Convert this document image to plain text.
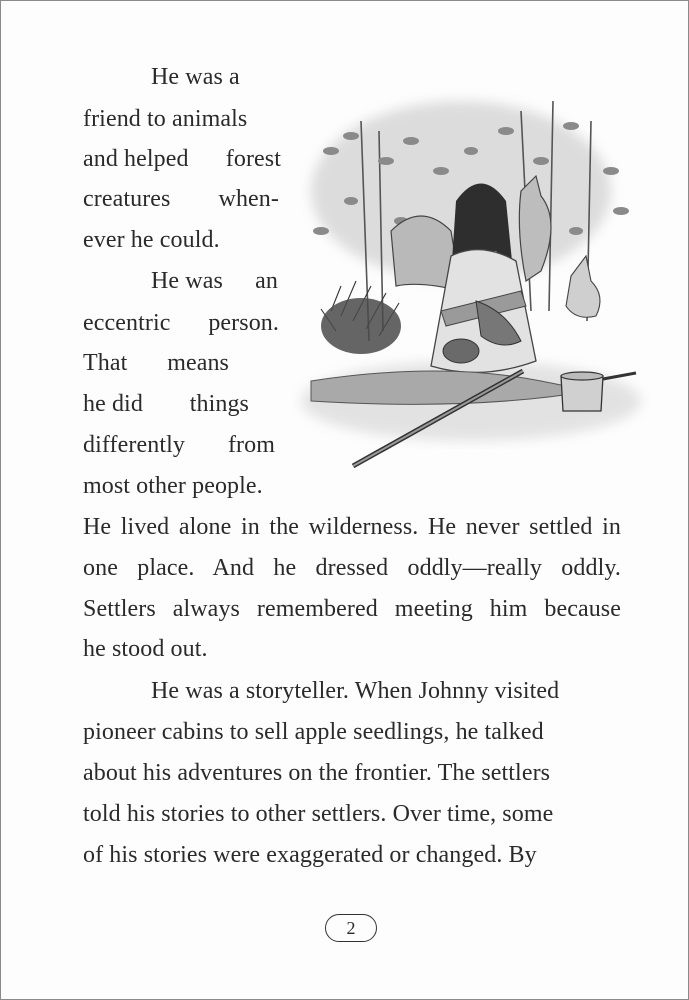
He was a
friend to animals
and helped forest
creatures when-
ever he could.
He was an
eccentric person.
That means
he did things
differently from
most other people.
He lived alone in the wilderness. He never settled in
one place. And he dressed oddly—really oddly.
Settlers always remembered meeting him because
he stood out.
He was a storyteller. When Johnny visited
pioneer cabins to sell apple seedlings, he talked
about his adventures on the frontier. The settlers
told his stories to other settlers. Over time, some
of his stories were exaggerated or changed. By
2
